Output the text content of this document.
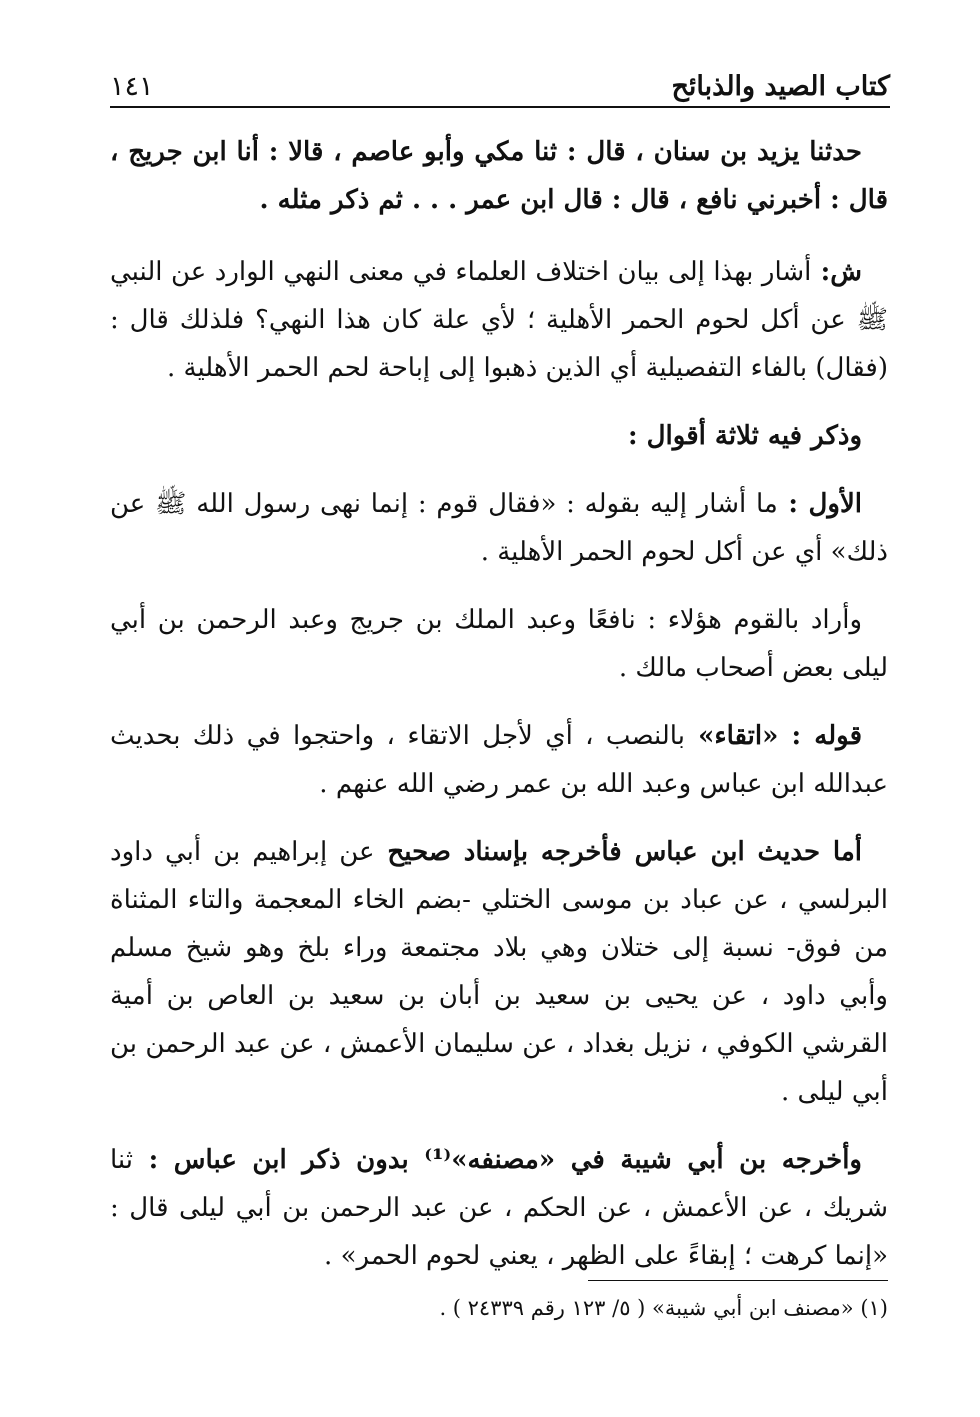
كتاب الصيد والذبائح
١٤١

حدثنا يزيد بن سنان ، قال : ثنا مكي وأبو عاصم ، قالا : أنا ابن جريج ، قال : أخبرني نافع ، قال : قال ابن عمر . . . ثم ذكر مثله .

ش: أشار بهذا إلى بيان اختلاف العلماء في معنى النهي الوارد عن النبي ﷺ عن أكل لحوم الحمر الأهلية ؛ لأي علة كان هذا النهي؟ فلذلك قال : (فقال) بالفاء التفصيلية أي الذين ذهبوا إلى إباحة لحم الحمر الأهلية .

وذكر فيه ثلاثة أقوال :

الأول : ما أشار إليه بقوله : «فقال قوم : إنما نهى رسول الله ﷺ عن ذلك» أي عن أكل لحوم الحمر الأهلية .

وأراد بالقوم هؤلاء : نافعًا وعبد الملك بن جريج وعبد الرحمن بن أبي ليلى بعض أصحاب مالك .

قوله : «اتقاء» بالنصب ، أي لأجل الاتقاء ، واحتجوا في ذلك بحديث عبدالله ابن عباس وعبد الله بن عمر رضي الله عنهم .

أما حديث ابن عباس فأخرجه بإسناد صحيح عن إبراهيم بن أبي داود البرلسي ، عن عباد بن موسى الختلي -بضم الخاء المعجمة والتاء المثناة من فوق- نسبة إلى ختلان وهي بلاد مجتمعة وراء بلخ وهو شيخ مسلم وأبي داود ، عن يحيى بن سعيد بن أبان بن سعيد بن العاص بن أمية القرشي الكوفي ، نزيل بغداد ، عن سليمان الأعمش ، عن عبد الرحمن بن أبي ليلى .

وأخرجه بن أبي شيبة في «مصنفه»⁽¹⁾ بدون ذكر ابن عباس : ثنا شريك ، عن الأعمش ، عن الحكم ، عن عبد الرحمن بن أبي ليلى قال : «إنما كرهت ؛ إبقاءً على الظهر ، يعني لحوم الحمر» .

(١) «مصنف ابن أبي شيبة» ( ٥/ ١٢٣ رقم ٢٤٣٣٩ ) .
